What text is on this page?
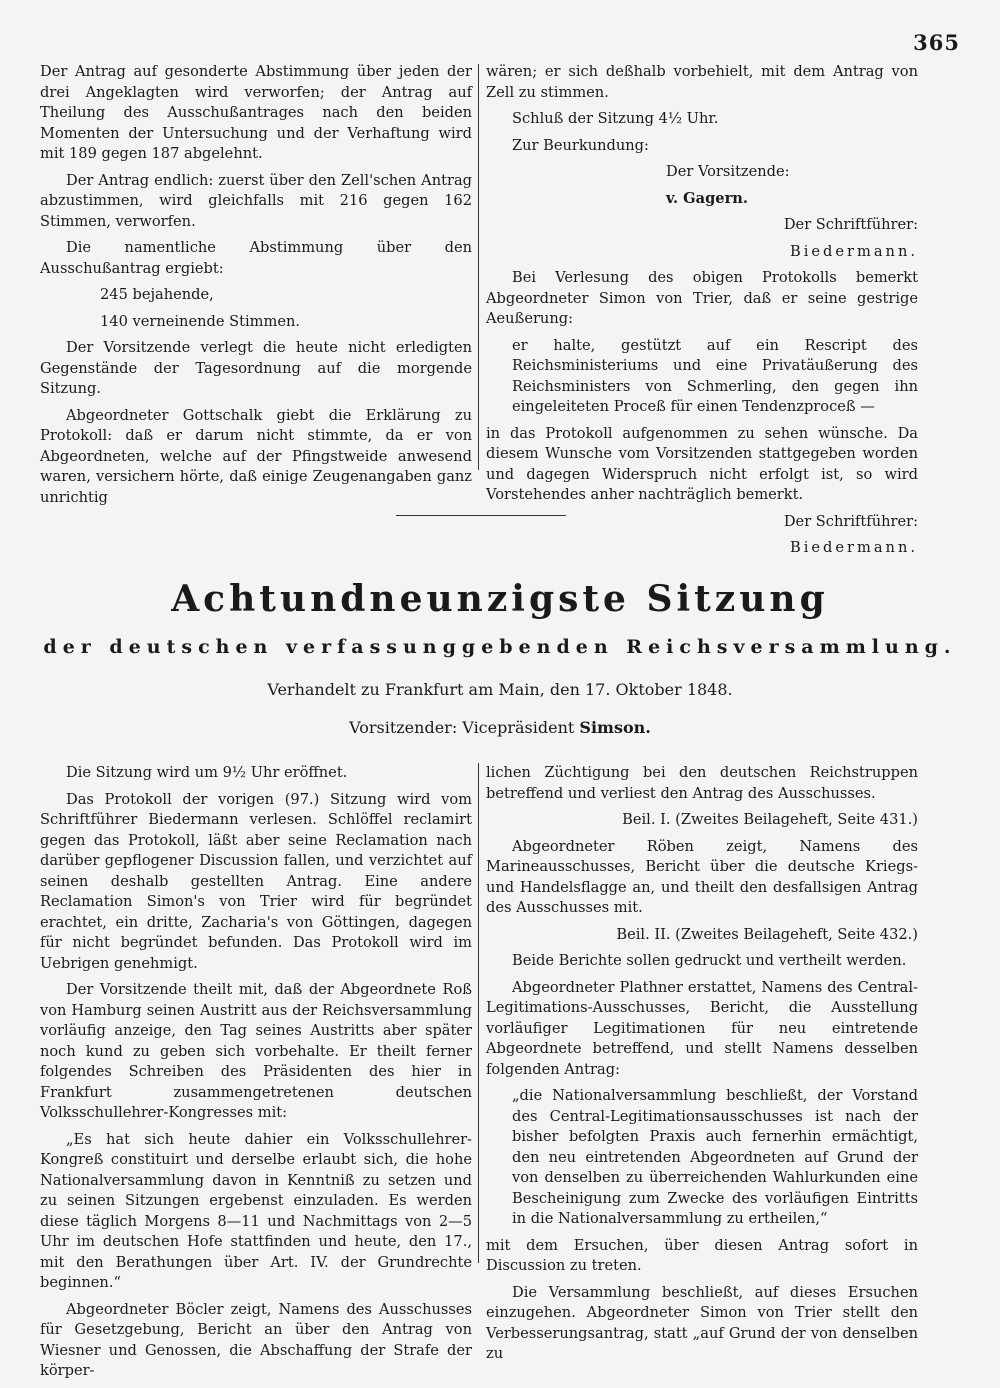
365

Der Antrag auf gesonderte Abstimmung über jeden der drei Angeklagten wird verworfen; der Antrag auf Theilung des Ausschußantrages nach den beiden Momenten der Untersuchung und der Verhaftung wird mit 189 gegen 187 abgelehnt.

Der Antrag endlich: zuerst über den Zell'schen Antrag abzustimmen, wird gleichfalls mit 216 gegen 162 Stimmen, verworfen.

Die namentliche Abstimmung über den Ausschußantrag ergiebt:

245 bejahende,

140 verneinende Stimmen.

Der Vorsitzende verlegt die heute nicht erledigten Gegenstände der Tagesordnung auf die morgende Sitzung.

Abgeordneter Gottschalk giebt die Erklärung zu Protokoll: daß er darum nicht stimmte, da er von Abgeordneten, welche auf der Pfingstweide anwesend waren, versichern hörte, daß einige Zeugenangaben ganz unrichtig

wären; er sich deßhalb vorbehielt, mit dem Antrag von Zell zu stimmen.

Schluß der Sitzung 4½ Uhr.

Zur Beurkundung:

Der Vorsitzende:

v. Gagern.

Der Schriftführer:

Biedermann.

Bei Verlesung des obigen Protokolls bemerkt Abgeordneter Simon von Trier, daß er seine gestrige Aeußerung:

er halte, gestützt auf ein Rescript des Reichsministeriums und eine Privatäußerung des Reichsministers von Schmerling, den gegen ihn eingeleiteten Proceß für einen Tendenzproceß —

in das Protokoll aufgenommen zu sehen wünsche. Da diesem Wunsche vom Vorsitzenden stattgegeben worden und dagegen Widerspruch nicht erfolgt ist, so wird Vorstehendes anher nachträglich bemerkt.

Der Schriftführer:

Biedermann.

Achtundneunzigste Sitzung
der deutschen verfassunggebenden Reichsversammlung.
Verhandelt zu Frankfurt am Main, den 17. Oktober 1848.
Vorsitzender: Vicepräsident Simson.

Die Sitzung wird um 9½ Uhr eröffnet.

Das Protokoll der vorigen (97.) Sitzung wird vom Schriftführer Biedermann verlesen. Schlöffel reclamirt gegen das Protokoll, läßt aber seine Reclamation nach darüber gepflogener Discussion fallen, und verzichtet auf seinen deshalb gestellten Antrag. Eine andere Reclamation Simon's von Trier wird für begründet erachtet, ein dritte, Zacharia's von Göttingen, dagegen für nicht begründet befunden. Das Protokoll wird im Uebrigen genehmigt.

Der Vorsitzende theilt mit, daß der Abgeordnete Roß von Hamburg seinen Austritt aus der Reichsversammlung vorläufig anzeige, den Tag seines Austritts aber später noch kund zu geben sich vorbehalte. Er theilt ferner folgendes Schreiben des Präsidenten des hier in Frankfurt zusammengetretenen deutschen Volksschullehrer-Kongresses mit:

„Es hat sich heute dahier ein Volksschullehrer-Kongreß constituirt und derselbe erlaubt sich, die hohe Nationalversammlung davon in Kenntniß zu setzen und zu seinen Sitzungen ergebenst einzuladen. Es werden diese täglich Morgens 8—11 und Nachmittags von 2—5 Uhr im deutschen Hofe stattfinden und heute, den 17., mit den Berathungen über Art. IV. der Grundrechte beginnen.“

Abgeordneter Böcler zeigt, Namens des Ausschusses für Gesetzgebung, Bericht an über den Antrag von Wiesner und Genossen, die Abschaffung der Strafe der körper-

lichen Züchtigung bei den deutschen Reichstruppen betreffend und verliest den Antrag des Ausschusses.

Beil. I. (Zweites Beilageheft, Seite 431.)

Abgeordneter Röben zeigt, Namens des Marineausschusses, Bericht über die deutsche Kriegs- und Handelsflagge an, und theilt den desfallsigen Antrag des Ausschusses mit.

Beil. II. (Zweites Beilageheft, Seite 432.)

Beide Berichte sollen gedruckt und vertheilt werden.

Abgeordneter Plathner erstattet, Namens des Central-Legitimations-Ausschusses, Bericht, die Ausstellung vorläufiger Legitimationen für neu eintretende Abgeordnete betreffend, und stellt Namens desselben folgenden Antrag:

„die Nationalversammlung beschließt, der Vorstand des Central-Legitimationsausschusses ist nach der bisher befolgten Praxis auch fernerhin ermächtigt, den neu eintretenden Abgeordneten auf Grund der von denselben zu überreichenden Wahlurkunden eine Bescheinigung zum Zwecke des vorläufigen Eintritts in die Nationalversammlung zu ertheilen,“

mit dem Ersuchen, über diesen Antrag sofort in Discussion zu treten.

Die Versammlung beschließt, auf dieses Ersuchen einzugehen. Abgeordneter Simon von Trier stellt den Verbesserungsantrag, statt „auf Grund der von denselben zu
